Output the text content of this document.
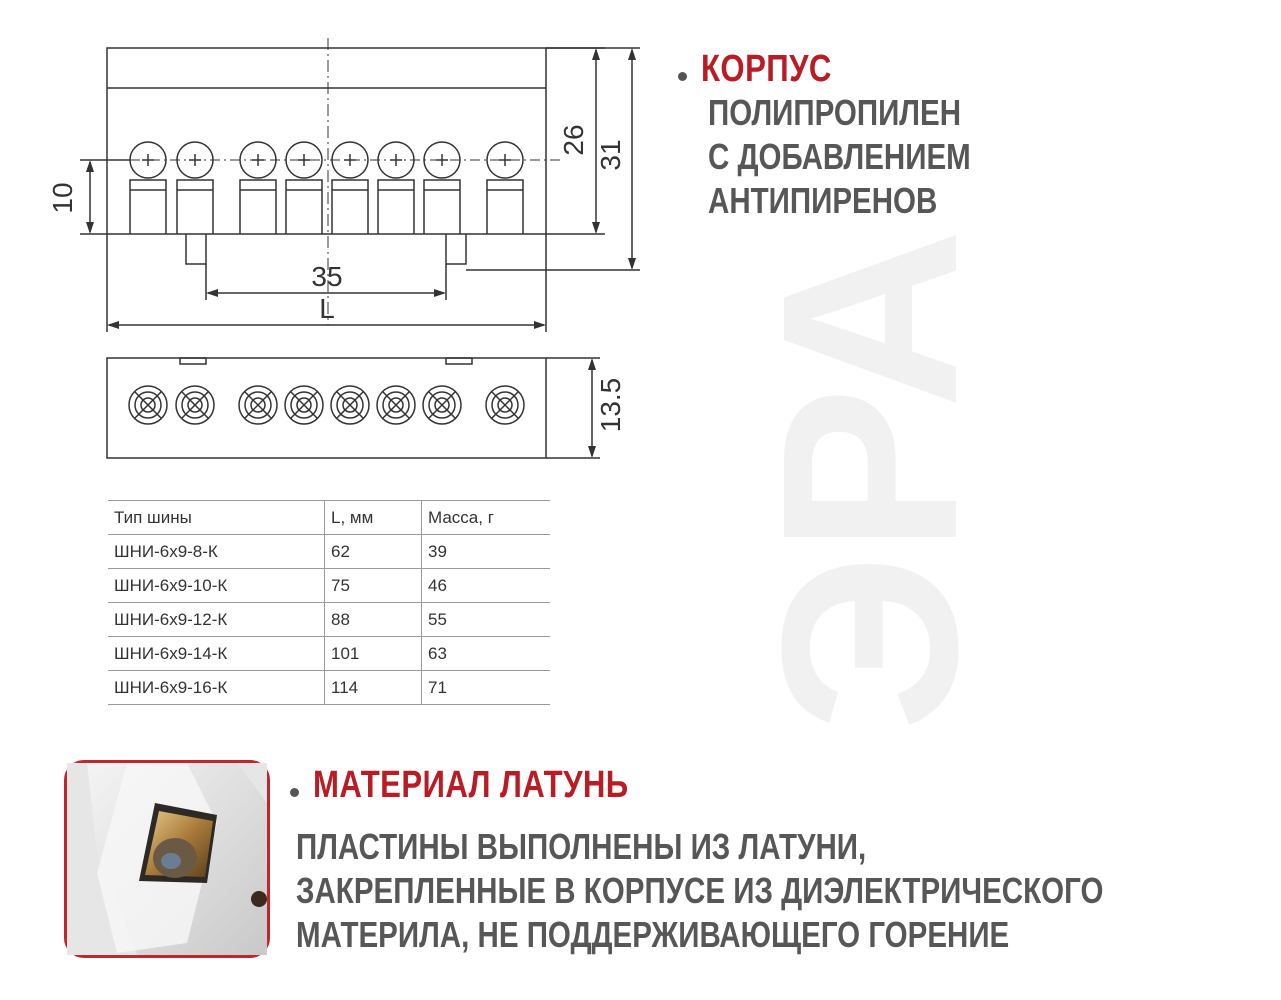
ЭРА
10
26 31
35
L
13.5
КОРПУС
ПОЛИПРОПИЛЕН
С ДОБАВЛЕНИЕМ
АНТИПИРЕНОВ
Тип шины	L, мм	Масса, г
ШНИ-6х9-8-К	62	39
ШНИ-6х9-10-К	75	46
ШНИ-6х9-12-К	88	55
ШНИ-6х9-14-К	101	63
ШНИ-6х9-16-К	114	71
МАТЕРИАЛ ЛАТУНЬ
ПЛАСТИНЫ ВЫПОЛНЕНЫ ИЗ ЛАТУНИ,
ЗАКРЕПЛЕННЫЕ В КОРПУСЕ ИЗ ДИЭЛЕКТРИЧЕСКОГО
МАТЕРИЛА, НЕ ПОДДЕРЖИВАЮЩЕГО ГОРЕНИЕ
